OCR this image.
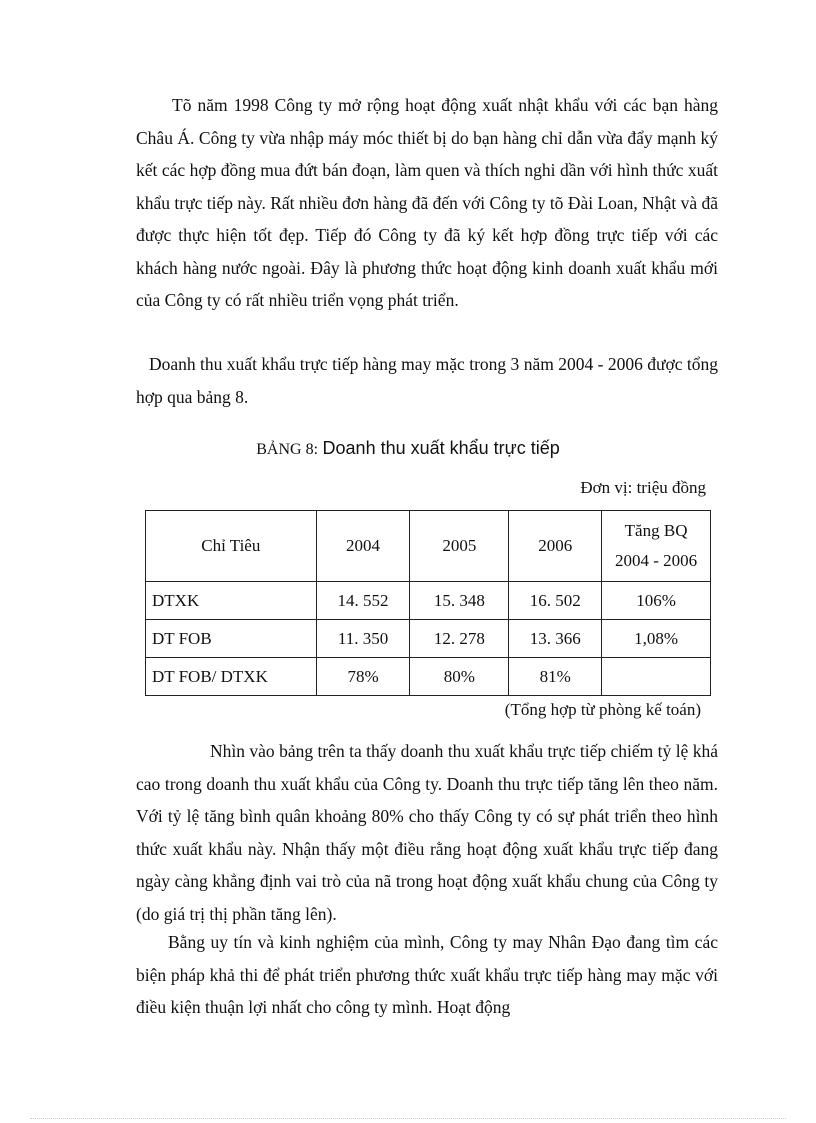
Tõ năm 1998 Công ty mở rộng hoạt động xuất nhật khẩu với các bạn hàng Châu Á. Công ty vừa nhập máy móc thiết bị do bạn hàng chỉ dẫn vừa đẩy mạnh ký kết các hợp đồng mua đứt bán đoạn, làm quen và thích nghi dần với hình thức xuất khẩu trực tiếp này. Rất nhiều đơn hàng đã đến với Công ty tõ Đài Loan, Nhật và đã được thực hiện tốt đẹp. Tiếp đó Công ty đã ký kết hợp đồng trực tiếp với các khách hàng nước ngoài. Đây là phương thức hoạt động kinh doanh xuất khẩu mới của Công ty có rất nhiều triển vọng phát triển.

Doanh thu xuất khẩu trực tiếp hàng may mặc trong 3 năm 2004 - 2006 được tổng hợp qua bảng 8.

BẢNG 8: Doanh thu xuất khẩu trực tiếp
Đơn vị: triệu đồng
Chỉ Tiêu	2004	2005	2006	Tăng BQ
2004 - 2006

DTXK	14. 552	15. 348	16. 502	106%
DT FOB	11. 350	12. 278	13. 366	1,08%
DT FOB/ DTXK	78%	80%	81%	
(Tổng hợp từ phòng kế toán)

Nhìn vào bảng trên ta thấy doanh thu xuất khẩu trực tiếp chiếm tỷ lệ khá cao trong doanh thu xuất khẩu của Công ty. Doanh thu trực tiếp tăng lên theo năm. Với tỷ lệ tăng bình quân khoảng 80% cho thấy Công ty có sự phát triển theo hình thức xuất khẩu này. Nhận thấy một điều rằng hoạt động xuất khẩu trực tiếp đang ngày càng khẳng định vai trò của nã trong hoạt động xuất khẩu chung của Công ty (do giá trị thị phần tăng lên).

Bằng uy tín và kinh nghiệm của mình, Công ty may Nhân Đạo đang tìm các biện pháp khả thi để phát triển phương thức xuất khẩu trực tiếp hàng may mặc với điều kiện thuận lợi nhất cho công ty mình. Hoạt động
